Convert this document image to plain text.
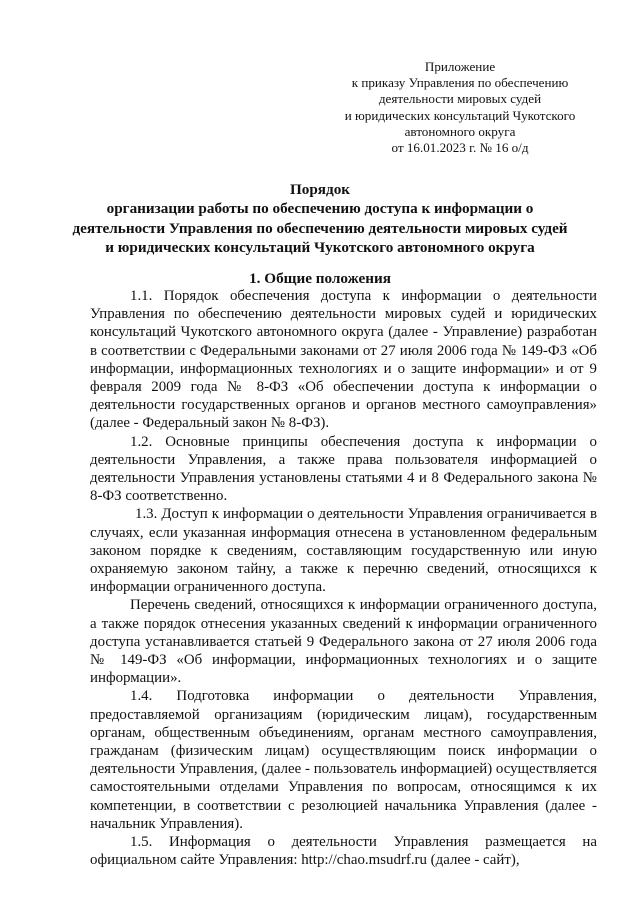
Приложение
к приказу Управления по обеспечению
деятельности мировых судей
и юридических консультаций Чукотского
автономного округа
от 16.01.2023 г. № 16 о/д
Порядок
организации работы по обеспечению доступа к информации о
деятельности Управления по обеспечению деятельности мировых судей
и юридических консультаций Чукотского автономного округа
1. Общие положения

1.1. Порядок обеспечения доступа к информации о деятельности Управления по обеспечению деятельности мировых судей и юридических консультаций Чукотского автономного округа (далее - Управление) разработан в соответствии с Федеральными законами от 27 июля 2006 года № 149-ФЗ «Об информации, информационных технологиях и о защите информации» и от 9 февраля 2009 года № 8-ФЗ «Об обеспечении доступа к информации о деятельности государственных органов и органов местного самоуправления» (далее - Федеральный закон № 8-ФЗ).

1.2. Основные принципы обеспечения доступа к информации о деятельности Управления, а также права пользователя информацией о деятельности Управления установлены статьями 4 и 8 Федерального закона № 8-ФЗ соответственно.

1.3. Доступ к информации о деятельности Управления ограничивается в случаях, если указанная информация отнесена в установленном федеральным законом порядке к сведениям, составляющим государственную или иную охраняемую законом тайну, а также к перечню сведений, относящихся к информации ограниченного доступа.

Перечень сведений, относящихся к информации ограниченного доступа, а также порядок отнесения указанных сведений к информации ограниченного доступа устанавливается статьей 9 Федерального закона от 27 июля 2006 года № 149-ФЗ «Об информации, информационных технологиях и о защите информации».

1.4. Подготовка информации о деятельности Управления, предоставляемой организациям (юридическим лицам), государственным органам, общественным объединениям, органам местного самоуправления, гражданам (физическим лицам) осуществляющим поиск информации о деятельности Управления, (далее - пользователь информацией) осуществляется самостоятельными отделами Управления по вопросам, относящимся к их компетенции, в соответствии с резолюцией начальника Управления (далее - начальник Управления).

1.5. Информация о деятельности Управления размещается на официальном сайте Управления: http://chao.msudrf.ru (далее - сайт),
